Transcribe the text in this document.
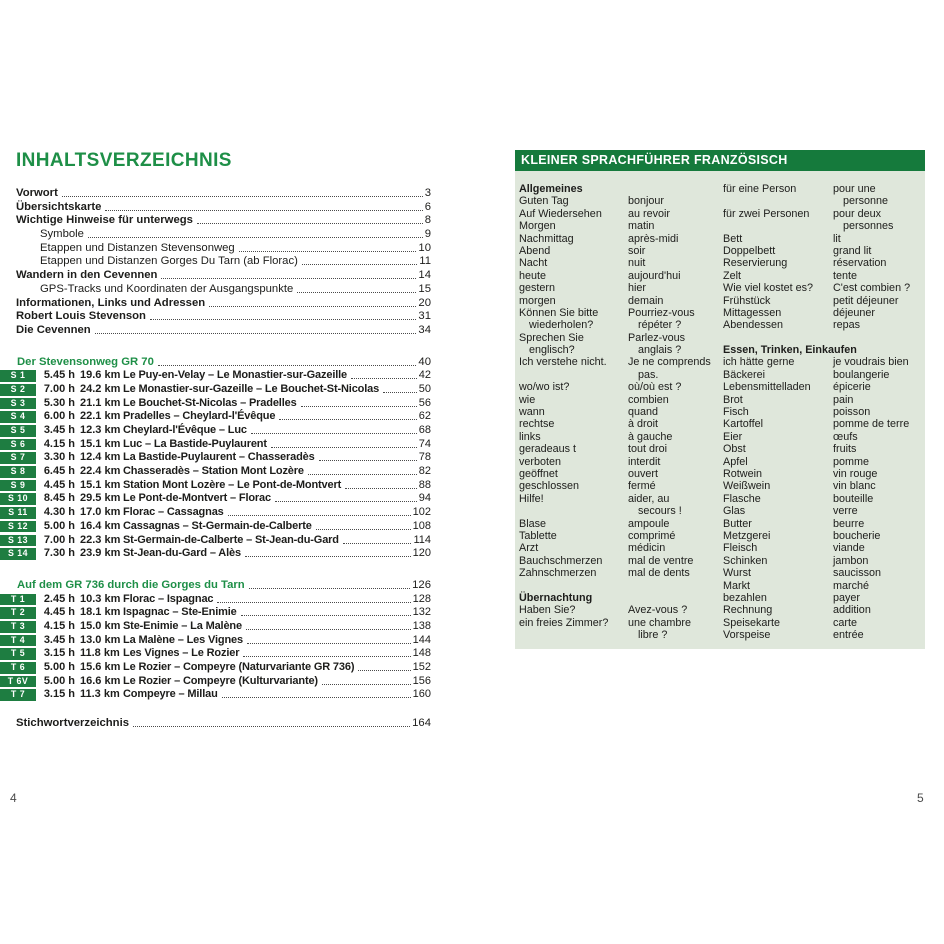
INHALTSVERZEICHNIS
Vorwort	3
Übersichtskarte	6
Wichtige Hinweise für unterwegs	8
Symbole	9
Etappen und Distanzen Stevensonweg	10
Etappen und Distanzen Gorges Du Tarn (ab Florac)	11
Wandern in den Cevennen	14
GPS-Tracks und Koordinaten der Ausgangspunkte	15
Informationen, Links und Adressen	20
Robert Louis Stevenson	31
Die Cevennen	34
Der Stevensonweg GR 70	40
S 1	5.45 h 19.6 km Le Puy-en-Velay – Le Monastier-sur-Gazeille	42
S 2	7.00 h 24.2 km Le Monastier-sur-Gazeille – Le Bouchet-St-Nicolas	50
S 3	5.30 h 21.1 km Le Bouchet-St-Nicolas – Pradelles	56
S 4	6.00 h 22.1 km Pradelles – Cheylard-l'Évêque	62
S 5	3.45 h 12.3 km Cheylard-l'Évêque – Luc	68
S 6	4.15 h 15.1 km Luc – La Bastide-Puylaurent	74
S 7	3.30 h 12.4 km La Bastide-Puylaurent – Chasseradès	78
S 8	6.45 h 22.4 km Chasseradès – Station Mont Lozère	82
S 9	4.45 h 15.1 km Station Mont Lozère – Le Pont-de-Montvert	88
S 10	8.45 h 29.5 km Le Pont-de-Montvert – Florac	94
S 11	4.30 h 17.0 km Florac – Cassagnas	102
S 12	5.00 h 16.4 km Cassagnas – St-Germain-de-Calberte	108
S 13	7.00 h 22.3 km St-Germain-de-Calberte – St-Jean-du-Gard	114
S 14	7.30 h 23.9 km St-Jean-du-Gard – Alès	120
Auf dem GR 736 durch die Gorges du Tarn	126
T 1	2.45 h 10.3 km Florac – Ispagnac	128
T 2	4.45 h 18.1 km Ispagnac – Ste-Enimie	132
T 3	4.15 h 15.0 km Ste-Enimie – La Malène	138
T 4	3.45 h 13.0 km La Malène – Les Vignes	144
T 5	3.15 h 11.8 km Les Vignes – Le Rozier	148
T 6	5.00 h 15.6 km Le Rozier – Compeyre (Naturvariante GR 736)	152
T 6V	5.00 h 16.6 km Le Rozier – Compeyre (Kulturvariante)	156
T 7	3.15 h 11.3 km Compeyre – Millau	160
Stichwortverzeichnis	164
KLEINER SPRACHFÜHRER FRANZÖSISCH
Allgemeines
Guten Tag	bonjour
Auf Wiedersehen	au revoir
Morgen	matin
Nachmittag	après-midi
Abend	soir
Nacht	nuit
heute	aujourd'hui
gestern	hier
morgen	demain
Können Sie bitte	Pourriez-vous
wiederholen?	répéter ?
Sprechen Sie	Parlez-vous
englisch?	anglais ?
Ich verstehe nicht.	Je ne comprends
pas.
wo/wo ist?	où/où est ?
wie	combien
wann	quand
rechtse	à droit
links	à gauche
geradeaus t	tout droi
verboten	interdit
geöffnet	ouvert
geschlossen	fermé
Hilfe!	aider, au
secours !
Blase	ampoule
Tablette	comprimé
Arzt	médicin
Bauchschmerzen	mal de ventre
Zahnschmerzen	mal de dents
Übernachtung
Haben Sie?	Avez-vous ?
ein freies Zimmer?	une chambre
libre ?
für eine Person	pour une
personne
für zwei Personen	pour deux
personnes
Bett	lit
Doppelbett	grand lit
Reservierung	réservation
Zelt	tente
Wie viel kostet es?	C'est combien ?
Frühstück	petit déjeuner
Mittagessen	déjeuner
Abendessen	repas
Essen, Trinken, Einkaufen
ich hätte gerne	je voudrais bien
Bäckerei	boulangerie
Lebensmittelladen	épicerie
Brot	pain
Fisch	poisson
Kartoffel	pomme de terre
Eier	œufs
Obst	fruits
Apfel	pomme
Rotwein	vin rouge
Weißwein	vin blanc
Flasche	bouteille
Glas	verre
Butter	beurre
Metzgerei	boucherie
Fleisch	viande
Schinken	jambon
Wurst	saucisson
Markt	marché
bezahlen	payer
Rechnung	addition
Speisekarte	carte
Vorspeise	entrée
4	5
